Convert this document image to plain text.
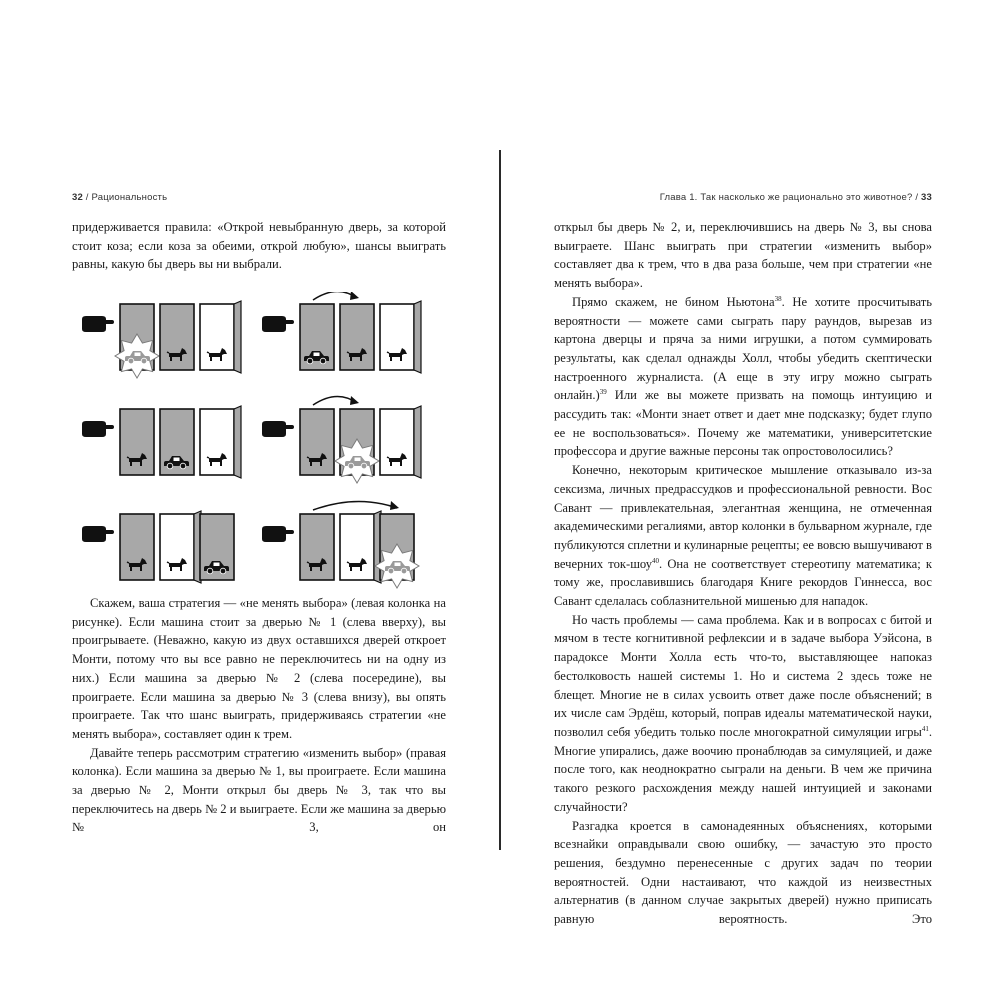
32 / Рациональность

придерживается правила: «Открой невыбранную дверь, за которой стоит коза; если коза за обеими, открой любую», шансы выиграть равны, какую бы дверь вы ни выбрали.

Скажем, ваша стратегия — «не менять выбора» (левая колонка на рисунке). Если машина стоит за дверью № 1 (слева вверху), вы проигрываете. (Неважно, какую из двух оставшихся дверей откроет Монти, потому что вы все равно не переключитесь ни на одну из них.) Если машина за дверью № 2 (слева посередине), вы проиграете. Если машина за дверью № 3 (слева внизу), вы опять проиграете. Так что шанс выиграть, придерживаясь стратегии «не менять выбора», составляет один к трем.

Давайте теперь рассмотрим стратегию «изменить выбор» (правая колонка). Если машина за дверью № 1, вы проиграете. Если машина за дверью № 2, Монти открыл бы дверь № 3, так что вы переключитесь на дверь № 2 и выиграете. Если же машина за дверью № 3, он

Глава 1. Так насколько же рационально это животное? / 33

открыл бы дверь № 2, и, переключившись на дверь № 3, вы снова выиграете. Шанс выиграть при стратегии «изменить выбор» составляет два к трем, что в два раза больше, чем при стратегии «не менять выбора».

Прямо скажем, не бином Ньютона$^{38}$. Не хотите просчитывать вероятности — можете сами сыграть пару раундов, вырезав из картона дверцы и пряча за ними игрушки, а потом суммировать результаты, как сделал однажды Холл, чтобы убедить скептически настроенного журналиста. (А еще в эту игру можно сыграть онлайн.)$^{39}$ Или же вы можете призвать на помощь интуицию и рассудить так: «Монти знает ответ и дает мне подсказку; будет глупо ее не воспользоваться». Почему же математики, университетские профессора и другие важные персоны так опростоволосились?

Конечно, некоторым критическое мышление отказывало из-за сексизма, личных предрассудков и профессиональной ревности. Вос Савант — привлекательная, элегантная женщина, не отмеченная академическими регалиями, автор колонки в бульварном журнале, где публикуются сплетни и кулинарные рецепты; ее вовсю вышучивают в вечерних ток-шоу$^{40}$. Она не соответствует стереотипу математика; к тому же, прославившись благодаря Книге рекордов Гиннесса, вос Савант сделалась соблазнительной мишенью для нападок.

Но часть проблемы — сама проблема. Как и в вопросах с битой и мячом в тесте когнитивной рефлексии и в задаче выбора Уэйсона, в парадоксе Монти Холла есть что-то, выставляющее напоказ бестолковость нашей системы 1. Но и система 2 здесь тоже не блещет. Многие не в силах усвоить ответ даже после объяснений; в их числе сам Эрдёш, который, поправ идеалы математической науки, позволил себя убедить только после многократной симуляции игры$^{41}$. Многие упирались, даже воочию пронаблюдав за симуляцией, и даже после того, как неоднократно сыграли на деньги. В чем же причина такого резкого расхождения между нашей интуицией и законами случайности?

Разгадка кроется в самонадеянных объяснениях, которыми всезнайки оправдывали свою ошибку, — зачастую это просто решения, бездумно перенесенные с других задач по теории вероятностей. Одни настаивают, что каждой из неизвестных альтернатив (в данном случае закрытых дверей) нужно приписать равную вероятность. Это
